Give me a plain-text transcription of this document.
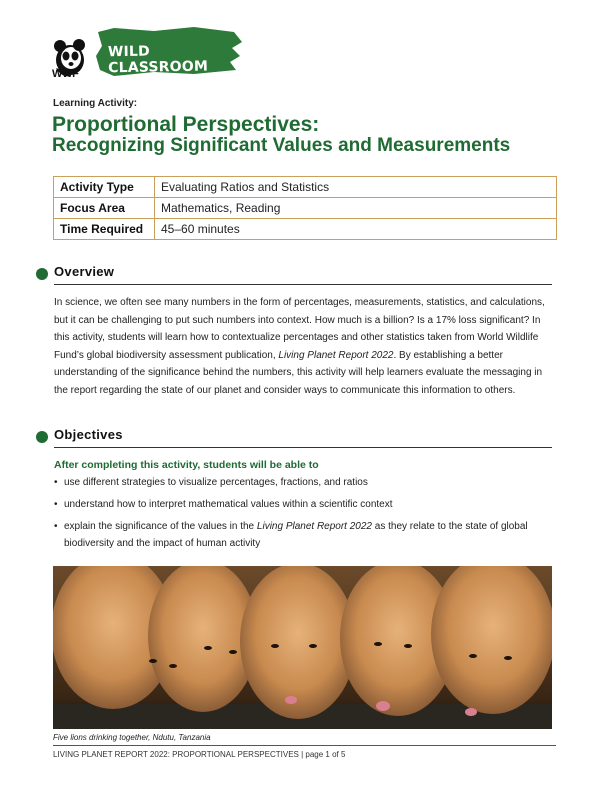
WWF
WILD CLASSROOM
Learning Activity:
Proportional Perspectives:
Recognizing Significant Values and Measurements
Activity Type	Evaluating Ratios and Statistics
Focus Area	Mathematics, Reading
Time Required	45–60 minutes
Overview

In science, we often see many numbers in the form of percentages, measurements, statistics, and calculations, but it can be challenging to put such numbers into context. How much is a billion? Is a 17% loss significant? In this activity, students will learn how to contextualize percentages and other statistics taken from World Wildlife Fund’s global biodiversity assessment publication, Living Planet Report 2022. By establishing a better understanding of the significance behind the numbers, this activity will help learners evaluate the messaging in the report regarding the state of our planet and consider ways to communicate this information to others.

Objectives
After completing this activity, students will be able to
• use different strategies to visualize percentages, fractions, and ratios
• understand how to interpret mathematical values within a scientific context
• explain the significance of the values in the Living Planet Report 2022 as they relate to the state of global biodiversity and the impact of human activity
Five lions drinking together, Ndutu, Tanzania
LIVING PLANET REPORT 2022: PROPORTIONAL PERSPECTIVES | page 1 of 5
